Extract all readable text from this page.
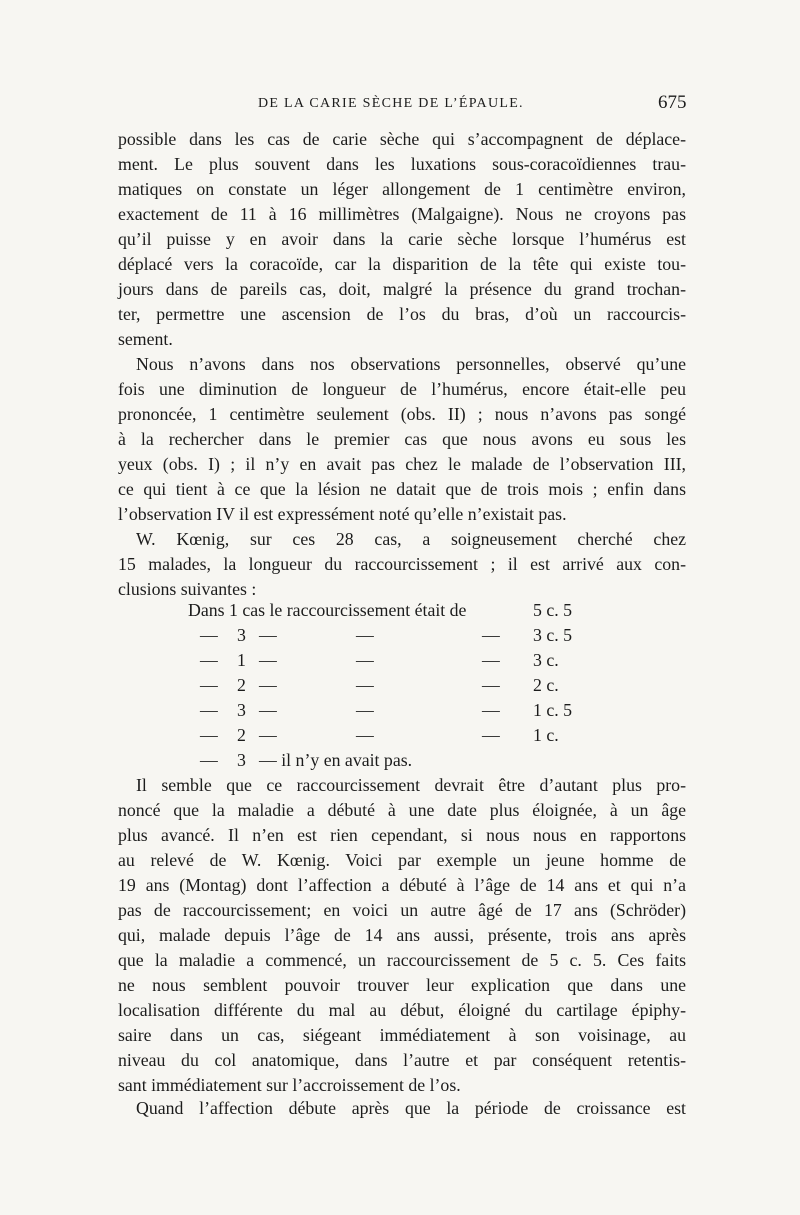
DE LA CARIE SÈCHE DE L’ÉPAULE.	675
possible dans les cas de carie sèche qui s’accompagnent de déplace-
ment. Le plus souvent dans les luxations sous-coracoïdiennes trau-
matiques on constate un léger allongement de 1 centimètre environ,
exactement de 11 à 16 millimètres (Malgaigne). Nous ne croyons pas
qu’il puisse y en avoir dans la carie sèche lorsque l’humérus est
déplacé vers la coracoïde, car la disparition de la tête qui existe tou-
jours dans de pareils cas, doit, malgré la présence du grand trochan-
ter, permettre une ascension de l’os du bras, d’où un raccourcis-
sement.
Nous n’avons dans nos observations personnelles, observé qu’une
fois une diminution de longueur de l’humérus, encore était-elle peu
prononcée, 1 centimètre seulement (obs. II) ; nous n’avons pas songé
à la rechercher dans le premier cas que nous avons eu sous les
yeux (obs. I) ; il n’y en avait pas chez le malade de l’observation III,
ce qui tient à ce que la lésion ne datait que de trois mois ; enfin dans
l’observation IV il est expressément noté qu’elle n’existait pas.
W. Kœnig, sur ces 28 cas, a soigneusement cherché chez
15 malades, la longueur du raccourcissement ; il est arrivé aux con-
clusions suivantes :
Dans 1 cas le raccourcissement était de	5 c. 5
— 3 —	—	— 3 c. 5
— 1 —	—	— 3 c.
— 2 —	—	— 2 c.
— 3 —	—	— 1 c. 5
— 2 —	—	— 1 c.
— 3 — il n’y en avait pas.
Il semble que ce raccourcissement devrait être d’autant plus pro-
noncé que la maladie a débuté à une date plus éloignée, à un âge
plus avancé. Il n’en est rien cependant, si nous nous en rapportons
au relevé de W. Kœnig. Voici par exemple un jeune homme de
19 ans (Montag) dont l’affection a débuté à l’âge de 14 ans et qui n’a
pas de raccourcissement; en voici un autre âgé de 17 ans (Schröder)
qui, malade depuis l’âge de 14 ans aussi, présente, trois ans après
que la maladie a commencé, un raccourcissement de 5 c. 5. Ces faits
ne nous semblent pouvoir trouver leur explication que dans une
localisation différente du mal au début, éloigné du cartilage épiphy-
saire dans un cas, siégeant immédiatement à son voisinage, au
niveau du col anatomique, dans l’autre et par conséquent retentis-
sant immédiatement sur l’accroissement de l’os.
Quand l’affection débute après que la période de croissance est
